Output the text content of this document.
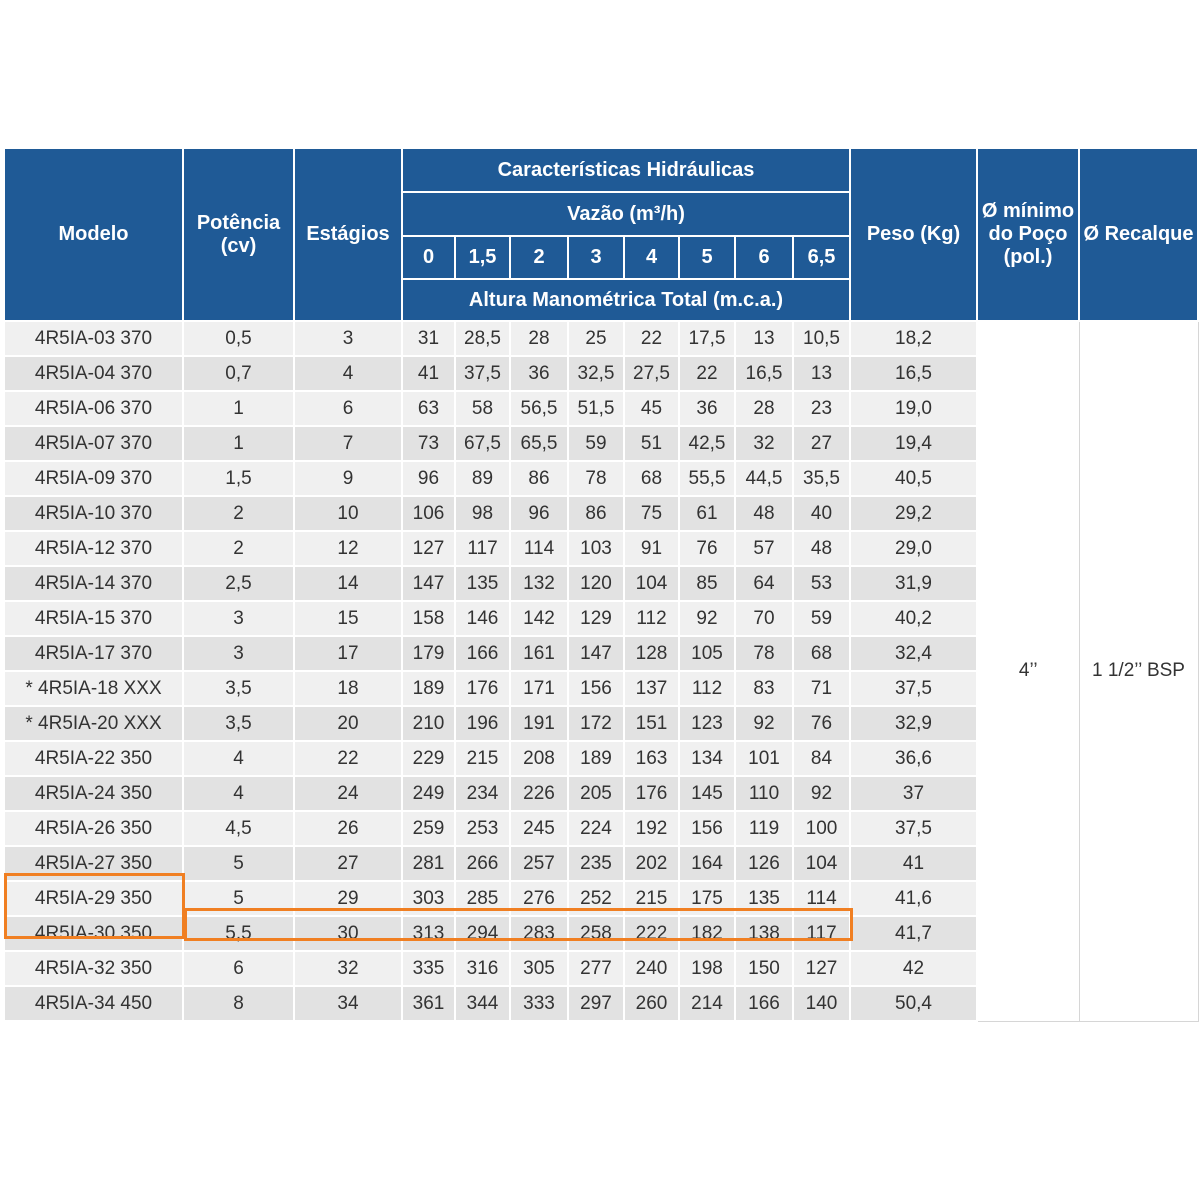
Modelo	Potência (cv)	Estágios	Características Hidráulicas								Peso (Kg)	Ø mínimo do Poço (pol.)	Ø Recalque
			Vazão (m³/h)										
			0	1,5	2	3	4	5	6	6,5			
			Altura Manométrica Total (m.c.a.)										
4R5IA-03 370	0,5	3	31	28,5	28	25	22	17,5	13	10,5	18,2	4’’	1 1/2’’ BSP
4R5IA-04 370	0,7	4	41	37,5	36	32,5	27,5	22	16,5	13	16,5		
4R5IA-06 370	1	6	63	58	56,5	51,5	45	36	28	23	19,0		
4R5IA-07 370	1	7	73	67,5	65,5	59	51	42,5	32	27	19,4		
4R5IA-09 370	1,5	9	96	89	86	78	68	55,5	44,5	35,5	40,5		
4R5IA-10 370	2	10	106	98	96	86	75	61	48	40	29,2		
4R5IA-12 370	2	12	127	117	114	103	91	76	57	48	29,0		
4R5IA-14 370	2,5	14	147	135	132	120	104	85	64	53	31,9		
4R5IA-15 370	3	15	158	146	142	129	112	92	70	59	40,2		
4R5IA-17 370	3	17	179	166	161	147	128	105	78	68	32,4		
* 4R5IA-18 XXX	3,5	18	189	176	171	156	137	112	83	71	37,5		
* 4R5IA-20 XXX	3,5	20	210	196	191	172	151	123	92	76	32,9		
4R5IA-22 350	4	22	229	215	208	189	163	134	101	84	36,6		
4R5IA-24 350	4	24	249	234	226	205	176	145	110	92	37		
4R5IA-26 350	4,5	26	259	253	245	224	192	156	119	100	37,5		
4R5IA-27 350	5	27	281	266	257	235	202	164	126	104	41		
4R5IA-29 350	5	29	303	285	276	252	215	175	135	114	41,6		
4R5IA-30 350	5,5	30	313	294	283	258	222	182	138	117	41,7		
4R5IA-32 350	6	32	335	316	305	277	240	198	150	127	42		
4R5IA-34 450	8	34	361	344	333	297	260	214	166	140	50,4		
